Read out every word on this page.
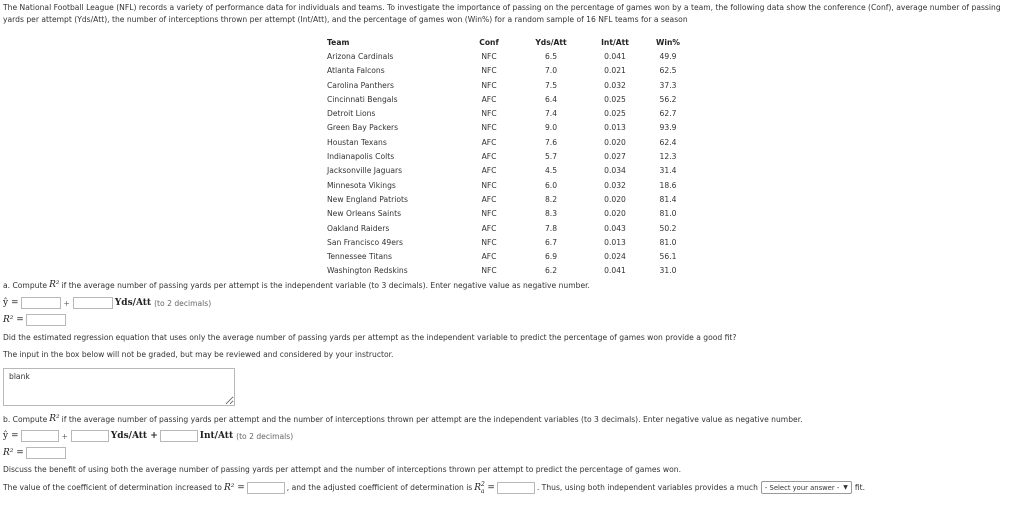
The National Football League (NFL) records a variety of performance data for individuals and teams. To investigate the importance of passing on the percentage of games won by a team, the following data show the conference (Conf), average number of passing yards per attempt (Yds/Att), the number of interceptions thrown per attempt (Int/Att), and the percentage of games won (Win%) for a random sample of 16 NFL teams for a season
Team	Conf	Yds/Att	Int/Att	Win%
Arizona Cardinals	NFC	6.5	0.041	49.9
Atlanta Falcons	NFC	7.0	0.021	62.5
Carolina Panthers	NFC	7.5	0.032	37.3
Cincinnati Bengals	AFC	6.4	0.025	56.2
Detroit Lions	NFC	7.4	0.025	62.7
Green Bay Packers	NFC	9.0	0.013	93.9
Houstan Texans	AFC	7.6	0.020	62.4
Indianapolis Colts	AFC	5.7	0.027	12.3
Jacksonville Jaguars	AFC	4.5	0.034	31.4
Minnesota Vikings	NFC	6.0	0.032	18.6
New England Patriots	AFC	8.2	0.020	81.4
New Orleans Saints	NFC	8.3	0.020	81.0
Oakland Raiders	AFC	7.8	0.043	50.2
San Francisco 49ers	NFC	6.7	0.013	81.0
Tennessee Titans	AFC	6.9	0.024	56.1
Washington Redskins	NFC	6.2	0.041	31.0
a. Compute R² if the average number of passing yards per attempt is the independent variable (to 3 decimals). Enter negative value as negative number.
ŷ =	+	Yds/Att (to 2 decimals)
R² =
Did the estimated regression equation that uses only the average number of passing yards per attempt as the independent variable to predict the percentage of games won provide a good fit?
The input in the box below will not be graded, but may be reviewed and considered by your instructor.
blank
b. Compute R² if the average number of passing yards per attempt and the number of interceptions thrown per attempt are the independent variables (to 3 decimals). Enter negative value as negative number.
ŷ =	+	Yds/Att +	Int/Att (to 2 decimals)
R² =
Discuss the benefit of using both the average number of passing yards per attempt and the number of interceptions thrown per attempt to predict the percentage of games won.
The value of the coefficient of determination increased to R² =	, and the adjusted coefficient of determination is $R^2_a$ =	. Thus, using both independent variables provides a much - Select your answer - ▼ fit.
